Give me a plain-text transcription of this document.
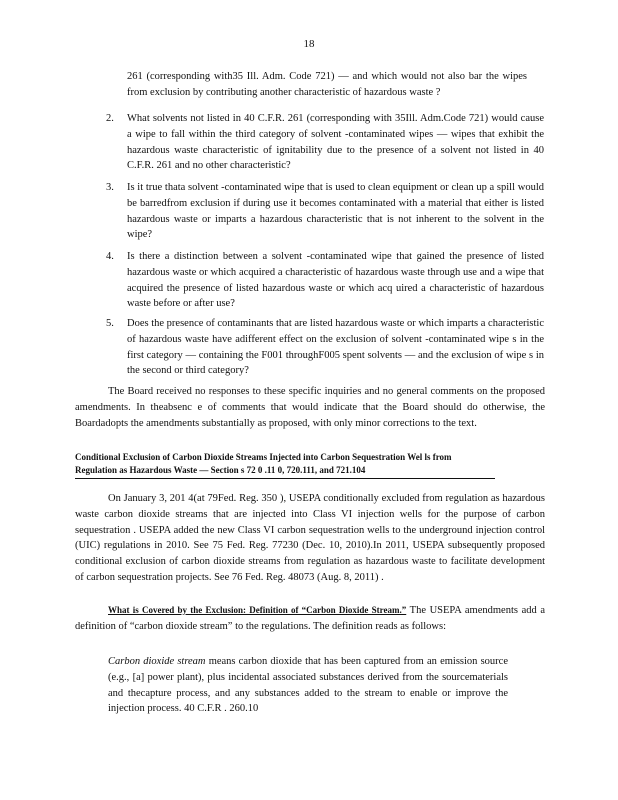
18
261 (corresponding with35 Ill. Adm. Code 721) — and which would not also bar the wipes from exclusion by contributing another characteristic of hazardous waste ?
2. What solvents not listed in 40 C.F.R. 261 (corresponding with 35Ill. Adm.Code 721) would cause a wipe to fall within the third category of solvent -contaminated wipes — wipes that exhibit the hazardous waste characteristic of ignitability due to the presence of a solvent not listed in 40 C.F.R. 261 and no other characteristic?
3. Is it true thata solvent -contaminated wipe that is used to clean equipment or clean up a spill would be barredfrom exclusion if during use it becomes contaminated with a material that either is listed hazardous waste or imparts a hazardous characteristic that is not inherent to the solvent in the wipe?
4. Is there a distinction between a solvent -contaminated wipe that gained the presence of listed hazardous waste or which acquired a characteristic of hazardous waste through use and a wipe that acquired the presence of listed hazardous waste or which acq uired a characteristic of hazardous waste before or after use?
5. Does the presence of contaminants that are listed hazardous waste or which imparts a characteristic of hazardous waste have adifferent effect on the exclusion of solvent -contaminated wipe s in the first category — containing the F001 throughF005 spent solvents — and the exclusion of wipe s in the second or third category?
The Board received no responses to these specific inquiries and no general comments on the proposed amendments. In theabsenc e of comments that would indicate that the Board should do otherwise, the Boardadopts the amendments substantially as proposed, with only minor corrections to the text.
Conditional Exclusion of Carbon Dioxide Streams Injected into Carbon Sequestration Wel ls from Regulation as Hazardous Waste — Section s 72 0 .11 0, 720.111, and 721.104
On January 3, 201 4(at 79Fed. Reg. 350 ), USEPA conditionally excluded from regulation as hazardous waste carbon dioxide streams that are injected into Class VI injection wells for the purpose of carbon sequestration . USEPA added the new Class VI carbon sequestration wells to the underground injection control (UIC) regulations in 2010. See 75 Fed. Reg. 77230 (Dec. 10, 2010).In 2011, USEPA subsequently proposed conditional exclusion of carbon dioxide streams from regulation as hazardous waste to facilitate development of carbon sequestration projects. See 76 Fed. Reg. 48073 (Aug. 8, 2011) .
What is Covered by the Exclusion: Definition of “Carbon Dioxide Stream.” The USEPA amendments add a definition of “carbon dioxide stream” to the regulations. The definition reads as follows:
Carbon dioxide stream means carbon dioxide that has been captured from an emission source (e.g., [a] power plant), plus incidental associated substances derived from the sourcematerials and thecapture process, and any substances added to the stream to enable or improve the injection process. 40 C.F.R . 260.10
